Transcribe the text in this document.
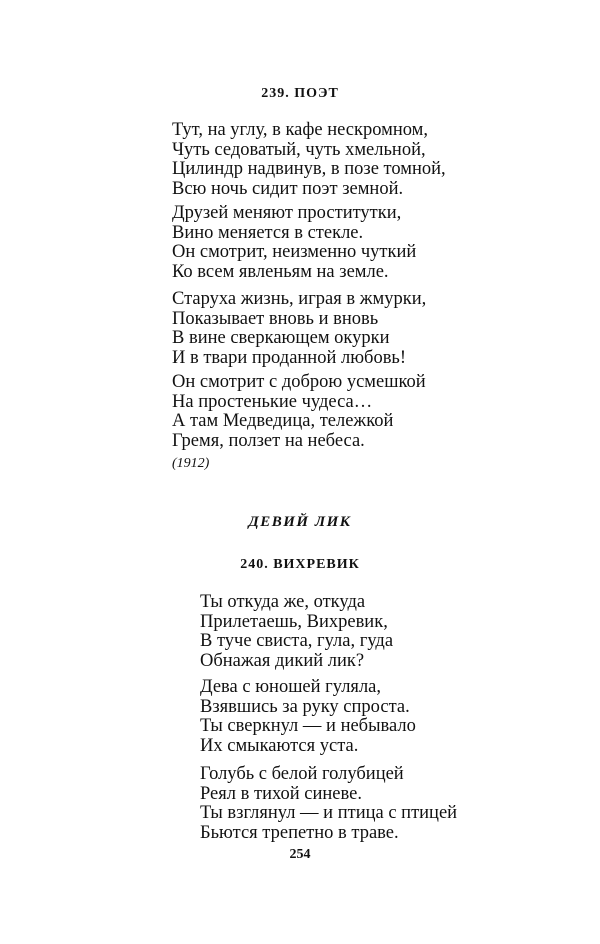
239. ПОЭТ
Тут, на углу, в кафе нескромном,
Чуть седоватый, чуть хмельной,
Цилиндр надвинув, в позе томной,
Всю ночь сидит поэт земной.
Друзей меняют проститутки,
Вино меняется в стекле.
Он смотрит, неизменно чуткий
Ко всем явленьям на земле.
Старуха жизнь, играя в жмурки,
Показывает вновь и вновь
В вине сверкающем окурки
И в твари проданной любовь!
Он смотрит с доброю усмешкой
На простенькие чудеса…
А там Медведица, тележкой
Гремя, ползет на небеса.
(1912)
ДЕВИЙ ЛИК
240. ВИХРЕВИК
Ты откуда же, откуда
Прилетаешь, Вихревик,
В туче свиста, гула, гуда
Обнажая дикий лик?
Дева с юношей гуляла,
Взявшись за руку спроста.
Ты сверкнул — и небывало
Их смыкаются уста.
Голубь с белой голубицей
Реял в тихой синеве.
Ты взглянул — и птица с птицей
Бьются трепетно в траве.
254
